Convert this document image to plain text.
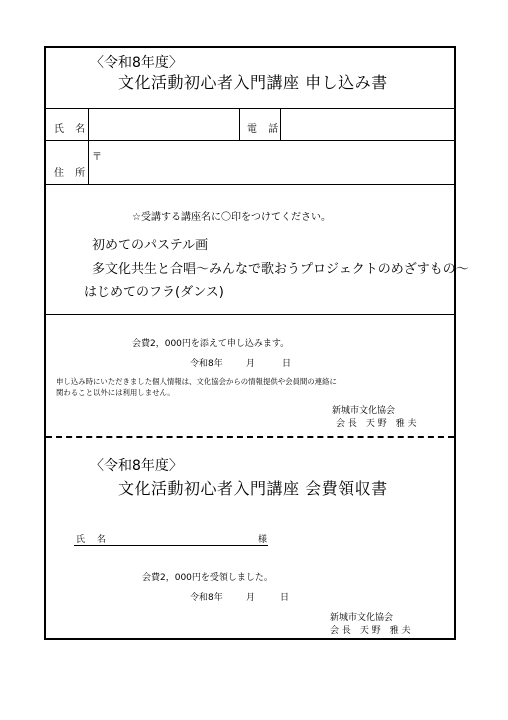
〈令和8年度〉
文化活動初心者入門講座 申し込み書
氏 名	電 話
住 所
〒
☆受講する講座名に〇印をつけてください。
初めてのパステル画
多文化共生と合唱～みんなで歌おうプロジェクトのめざすもの～
はじめてのフラ(ダンス)
会費2，000円を添えて申し込みます。
令和8年	月	日
申し込み時にいただきました個人情報は、文化協会からの情報提供や会員間の連絡に
関わること以外には利用しません。
新城市文化協会
会 長　天 野　雅 夫
〈令和8年度〉
文化活動初心者入門講座 会費領収書
氏　 名	様
会費2，000円を受領しました。
令和8年	月	日
新城市文化協会
会 長　天 野　雅 夫
